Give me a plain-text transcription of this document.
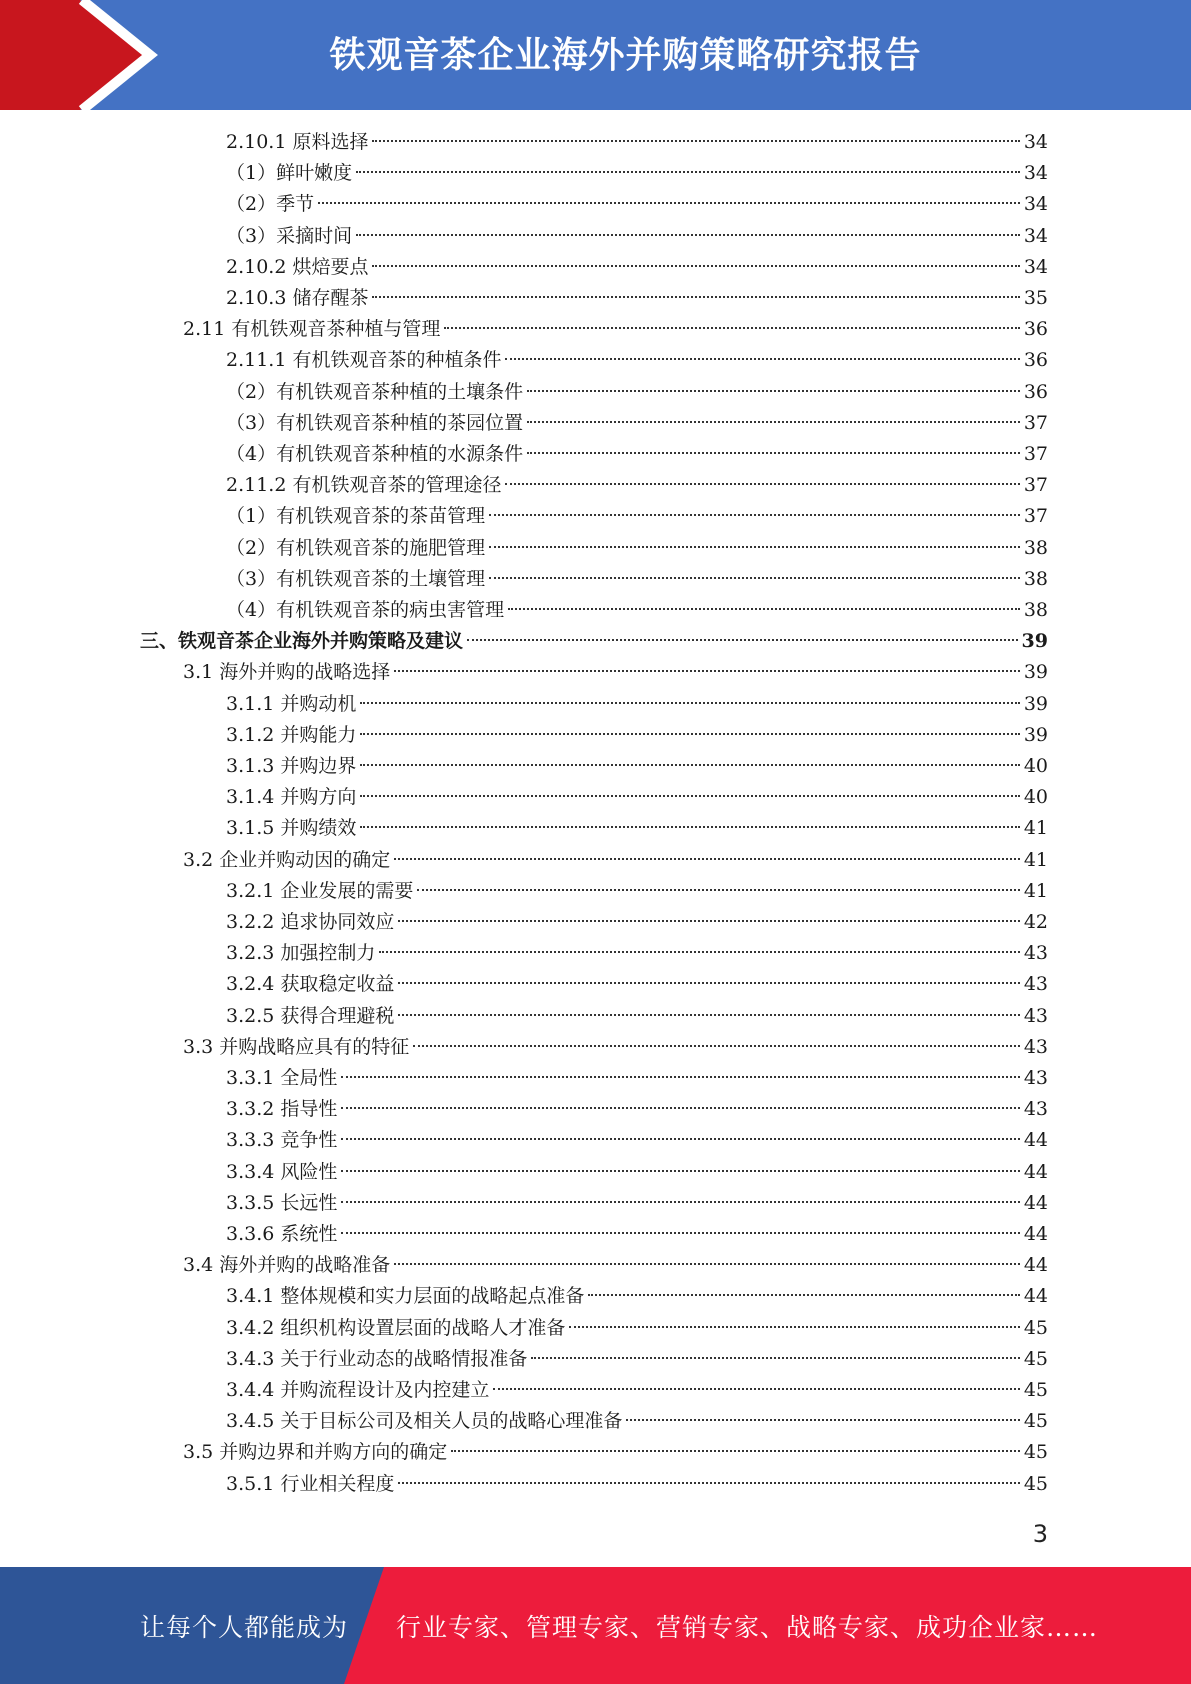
铁观音茶企业海外并购策略研究报告
2.10.1 原料选择	34
（1）鲜叶嫩度	34
（2）季节	34
（3）采摘时间	34
2.10.2 烘焙要点	34
2.10.3 储存醒茶	35
2.11 有机铁观音茶种植与管理	36
2.11.1 有机铁观音茶的种植条件	36
（2）有机铁观音茶种植的土壤条件	36
（3）有机铁观音茶种植的茶园位置	37
（4）有机铁观音茶种植的水源条件	37
2.11.2 有机铁观音茶的管理途径	37
（1）有机铁观音茶的茶苗管理	37
（2）有机铁观音茶的施肥管理	38
（3）有机铁观音茶的土壤管理	38
（4）有机铁观音茶的病虫害管理	38
三、铁观音茶企业海外并购策略及建议	39
3.1 海外并购的战略选择	39
3.1.1 并购动机	39
3.1.2 并购能力	39
3.1.3 并购边界	40
3.1.4 并购方向	40
3.1.5 并购绩效	41
3.2 企业并购动因的确定	41
3.2.1 企业发展的需要	41
3.2.2 追求协同效应	42
3.2.3 加强控制力	43
3.2.4 获取稳定收益	43
3.2.5 获得合理避税	43
3.3 并购战略应具有的特征	43
3.3.1 全局性	43
3.3.2 指导性	43
3.3.3 竞争性	44
3.3.4 风险性	44
3.3.5 长远性	44
3.3.6 系统性	44
3.4 海外并购的战略准备	44
3.4.1 整体规模和实力层面的战略起点准备	44
3.4.2 组织机构设置层面的战略人才准备	45
3.4.3 关于行业动态的战略情报准备	45
3.4.4 并购流程设计及内控建立	45
3.4.5 关于目标公司及相关人员的战略心理准备	45
3.5 并购边界和并购方向的确定	45
3.5.1 行业相关程度	45
3
让每个人都能成为 行业专家、管理专家、营销专家、战略专家、成功企业家……
